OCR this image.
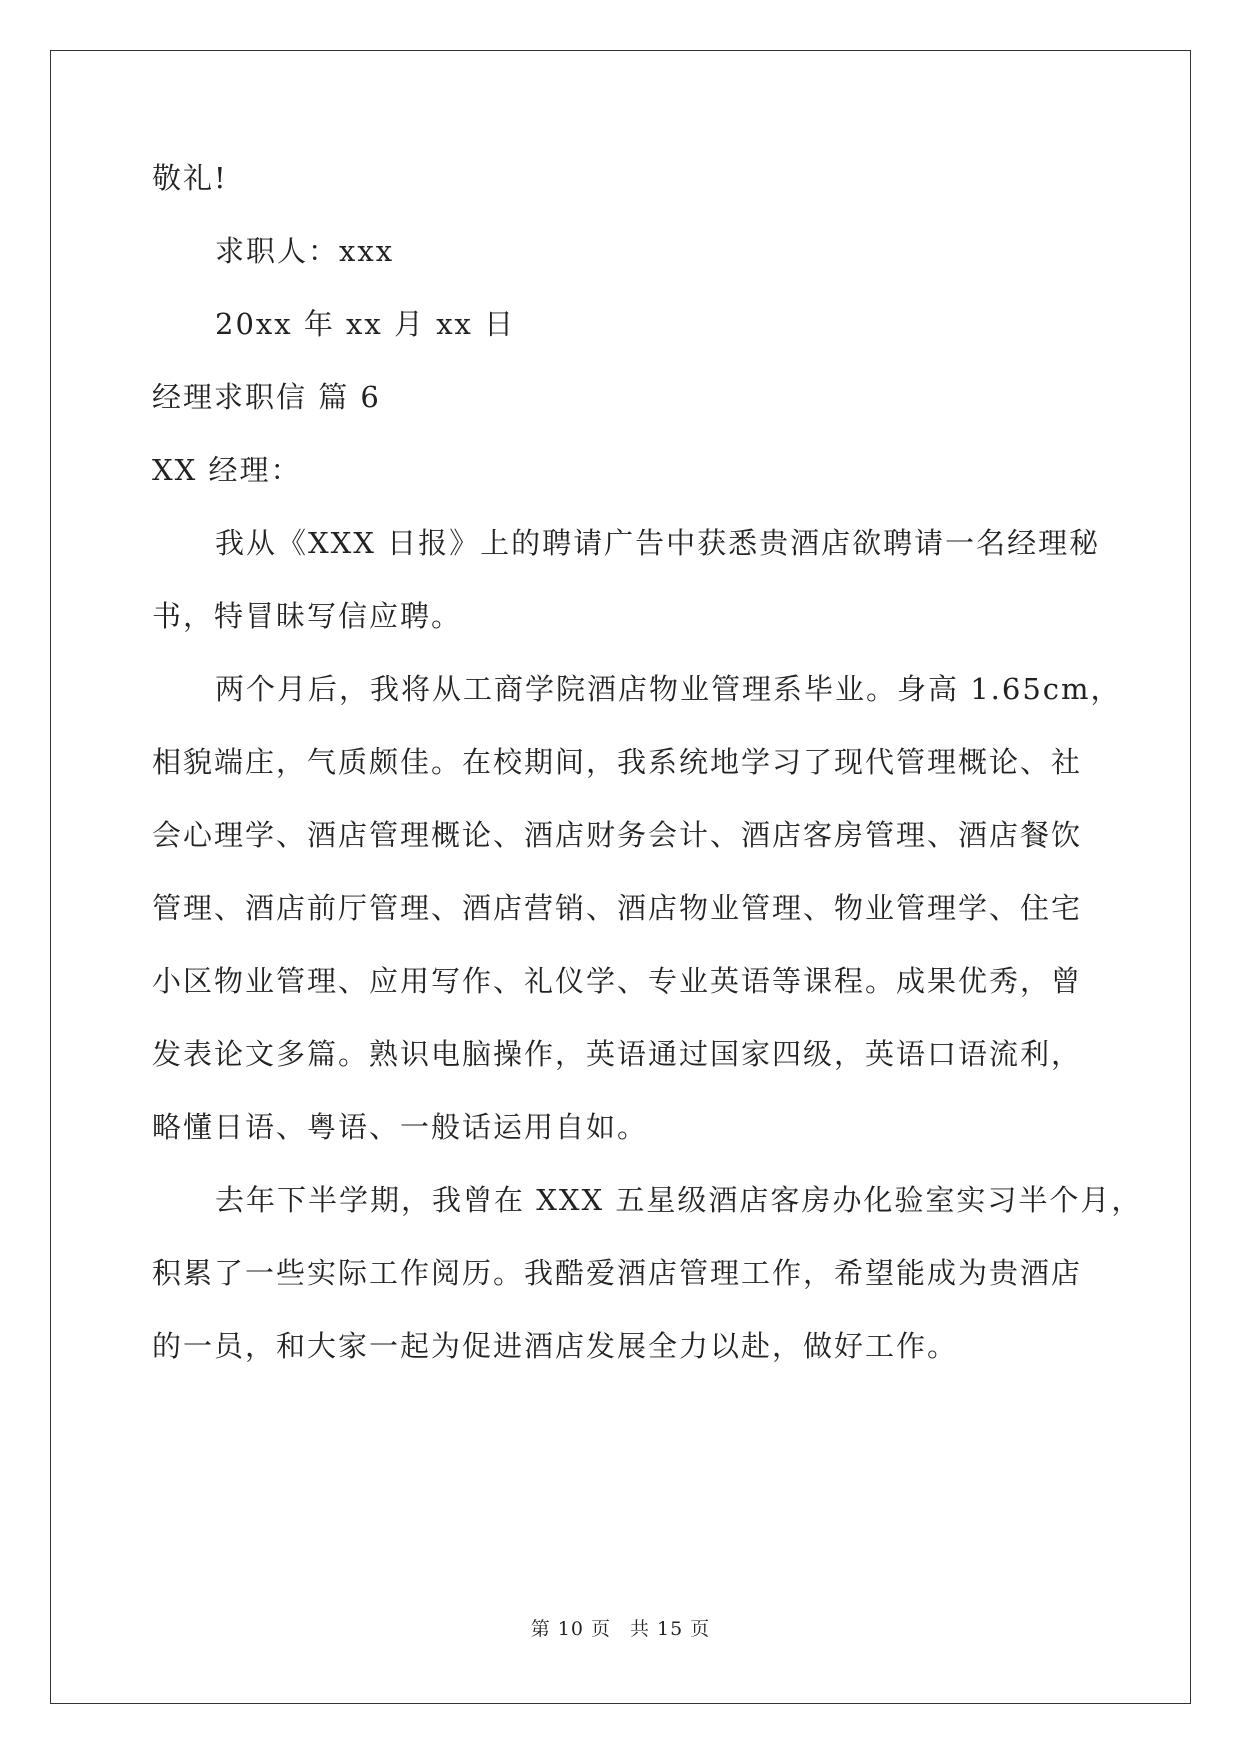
敬礼!
求职人：xxx
20xx 年 xx 月 xx 日
经理求职信 篇 6
XX 经理：
我从《XXX 日报》上的聘请广告中获悉贵酒店欲聘请一名经理秘
书，特冒昧写信应聘。
两个月后，我将从工商学院酒店物业管理系毕业。身高 1.65cm，
相貌端庄，气质颇佳。在校期间，我系统地学习了现代管理概论、社
会心理学、酒店管理概论、酒店财务会计、酒店客房管理、酒店餐饮
管理、酒店前厅管理、酒店营销、酒店物业管理、物业管理学、住宅
小区物业管理、应用写作、礼仪学、专业英语等课程。成果优秀，曾
发表论文多篇。熟识电脑操作，英语通过国家四级，英语口语流利，
略懂日语、粤语、一般话运用自如。
去年下半学期，我曾在 XXX 五星级酒店客房办化验室实习半个月，
积累了一些实际工作阅历。我酷爱酒店管理工作，希望能成为贵酒店
的一员，和大家一起为促进酒店发展全力以赴，做好工作。
第 10 页 共 15 页
